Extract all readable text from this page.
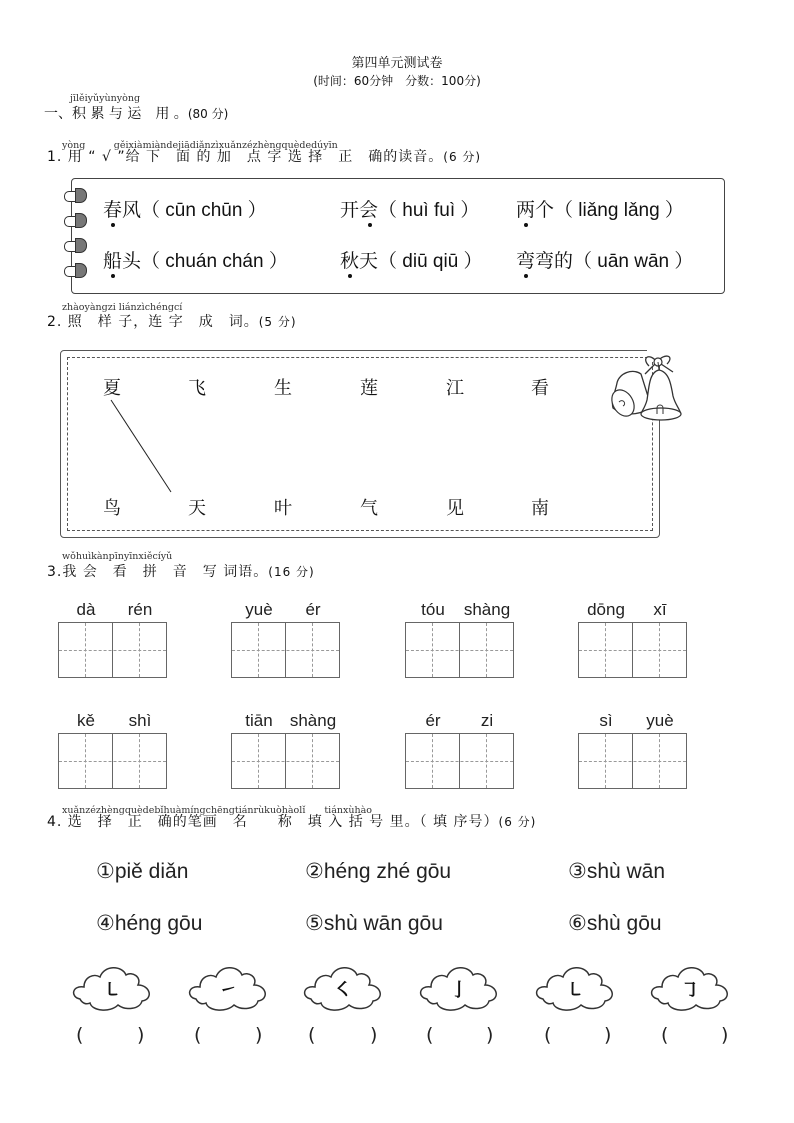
第四单元测试卷
(时间：60分钟　分数：100分)
jīlěiyǔyùnyòng
一、积 累 与 运　用 。(80 分)
yòng　　　gěixiàmiàndejiādiǎnzìxuǎnzézhèngquèdedúyīn
1. 用 “ √ ”给 下　面 的 加　点 字 选 择　正　确的读音。(6 分)
春风（ cūn chūn ）	开会（ huì fuì ） 两个（ liǎng lǎng ）
船头（ chuán chán ）	秋天（ diū qiū ） 弯弯的（ uān wān ）
zhàoyàngzi liánzìchéngcí
2. 照　样 子，连 字　成　词。(5 分)
夏	飞	生	莲	江	看
鸟	天	叶	气	见	南
wǒhuìkànpīnyīnxiěcíyǔ
3.我 会　看　拼　音　写 词语。(16 分)
dà	rén	yuè	ér	tóu	shàng	dōng	xī
kě	shì	tiān	shàng	ér	zi	sì	yuè
xuǎnzézhèngquèdebǐhuàmíngchēngtiánrùkuòhàolǐ　　tiánxùhào
4. 选　择　正　确的笔画　名　　称　填 入 括 号 里。（ 填 序号）(6 分)
①piě diǎn	②héng zhé gōu	③shù wān
④héng gōu	⑤shù wān gōu	⑥shù gōu
㇄	㇀	㇛	亅	㇄	㇆
(	)	(	) (	)	(	)	(	)	(	)
